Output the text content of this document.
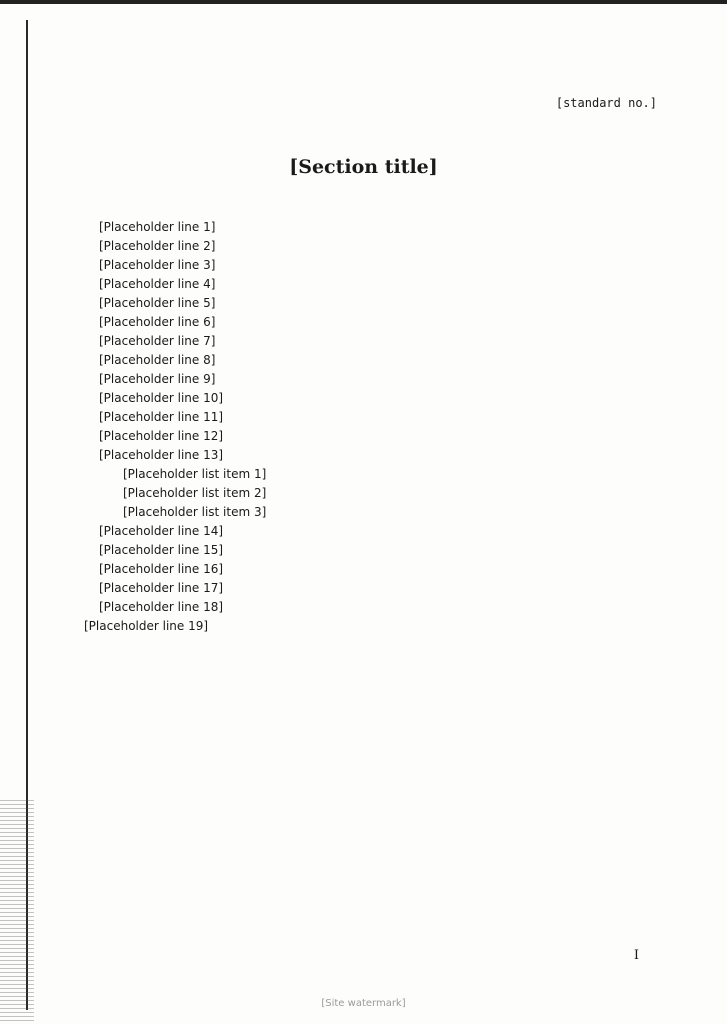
[standard no.]
[Section title]
[Placeholder line 1]
[Placeholder line 2]
[Placeholder line 3]
[Placeholder line 4]
[Placeholder line 5]
[Placeholder line 6]
[Placeholder line 7]
[Placeholder line 8]
[Placeholder line 9]
[Placeholder line 10]
[Placeholder line 11]
[Placeholder line 12]
[Placeholder line 13]
[Placeholder list item 1]
[Placeholder list item 2]
[Placeholder list item 3]
[Placeholder line 14]
[Placeholder line 15]
[Placeholder line 16]
[Placeholder line 17]
[Placeholder line 18]
[Placeholder line 19]
I
[Site watermark]
